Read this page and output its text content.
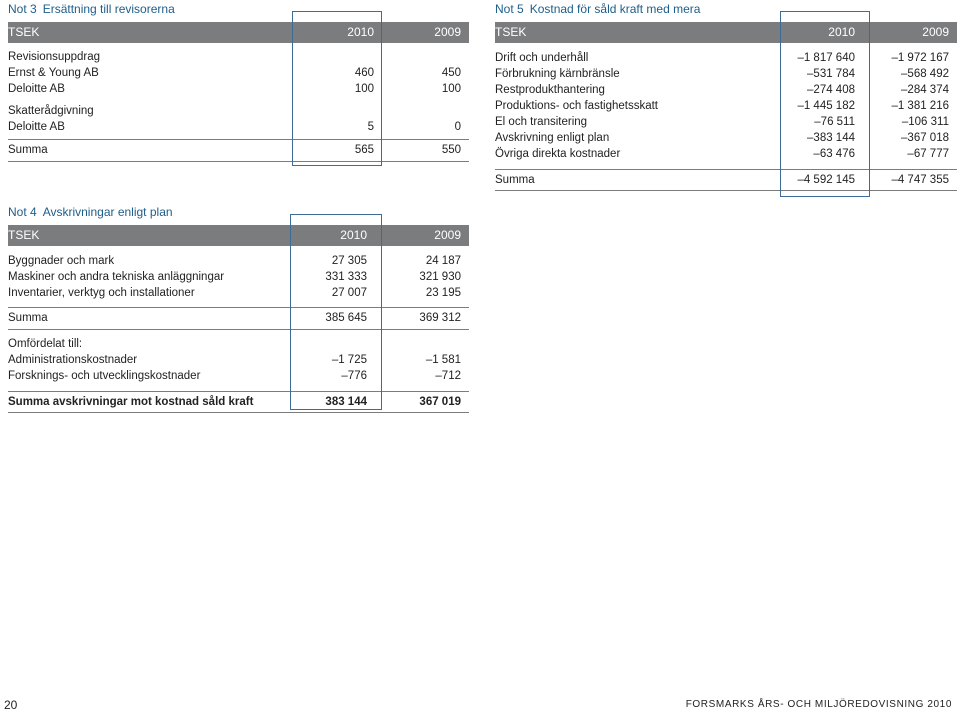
Not 3 Ersättning till revisorerna
TSEK	2010	2009
Revisionsuppdrag
Ernst & Young AB	460	450
Deloitte AB	100	100
Skatterådgivning
Deloitte AB	5	0
Summa	565	550
Not 5 Kostnad för såld kraft med mera
TSEK	2010	2009
Drift och underhåll	–1 817 640	–1 972 167
Förbrukning kärnbränsle	–531 784	–568 492
Restprodukthantering	–274 408	–284 374
Produktions- och fastighetsskatt	–1 445 182	–1 381 216
El och transitering	–76 511	–106 311
Avskrivning enligt plan	–383 144	–367 018
Övriga direkta kostnader	–63 476	–67 777
Summa	–4 592 145	–4 747 355
Not 4 Avskrivningar enligt plan
TSEK	2010	2009
Byggnader och mark	27 305	24 187
Maskiner och andra tekniska anläggningar	331 333	321 930
Inventarier, verktyg och installationer	27 007	23 195
Summa	385 645	369 312
Omfördelat till:
Administrationskostnader	–1 725	–1 581
Forsknings- och utvecklingskostnader	–776	–712
Summa avskrivningar mot kostnad såld kraft	383 144	367 019
20	FORSMARKS ÅRS- OCH MILJÖREDOVISNING 2010
